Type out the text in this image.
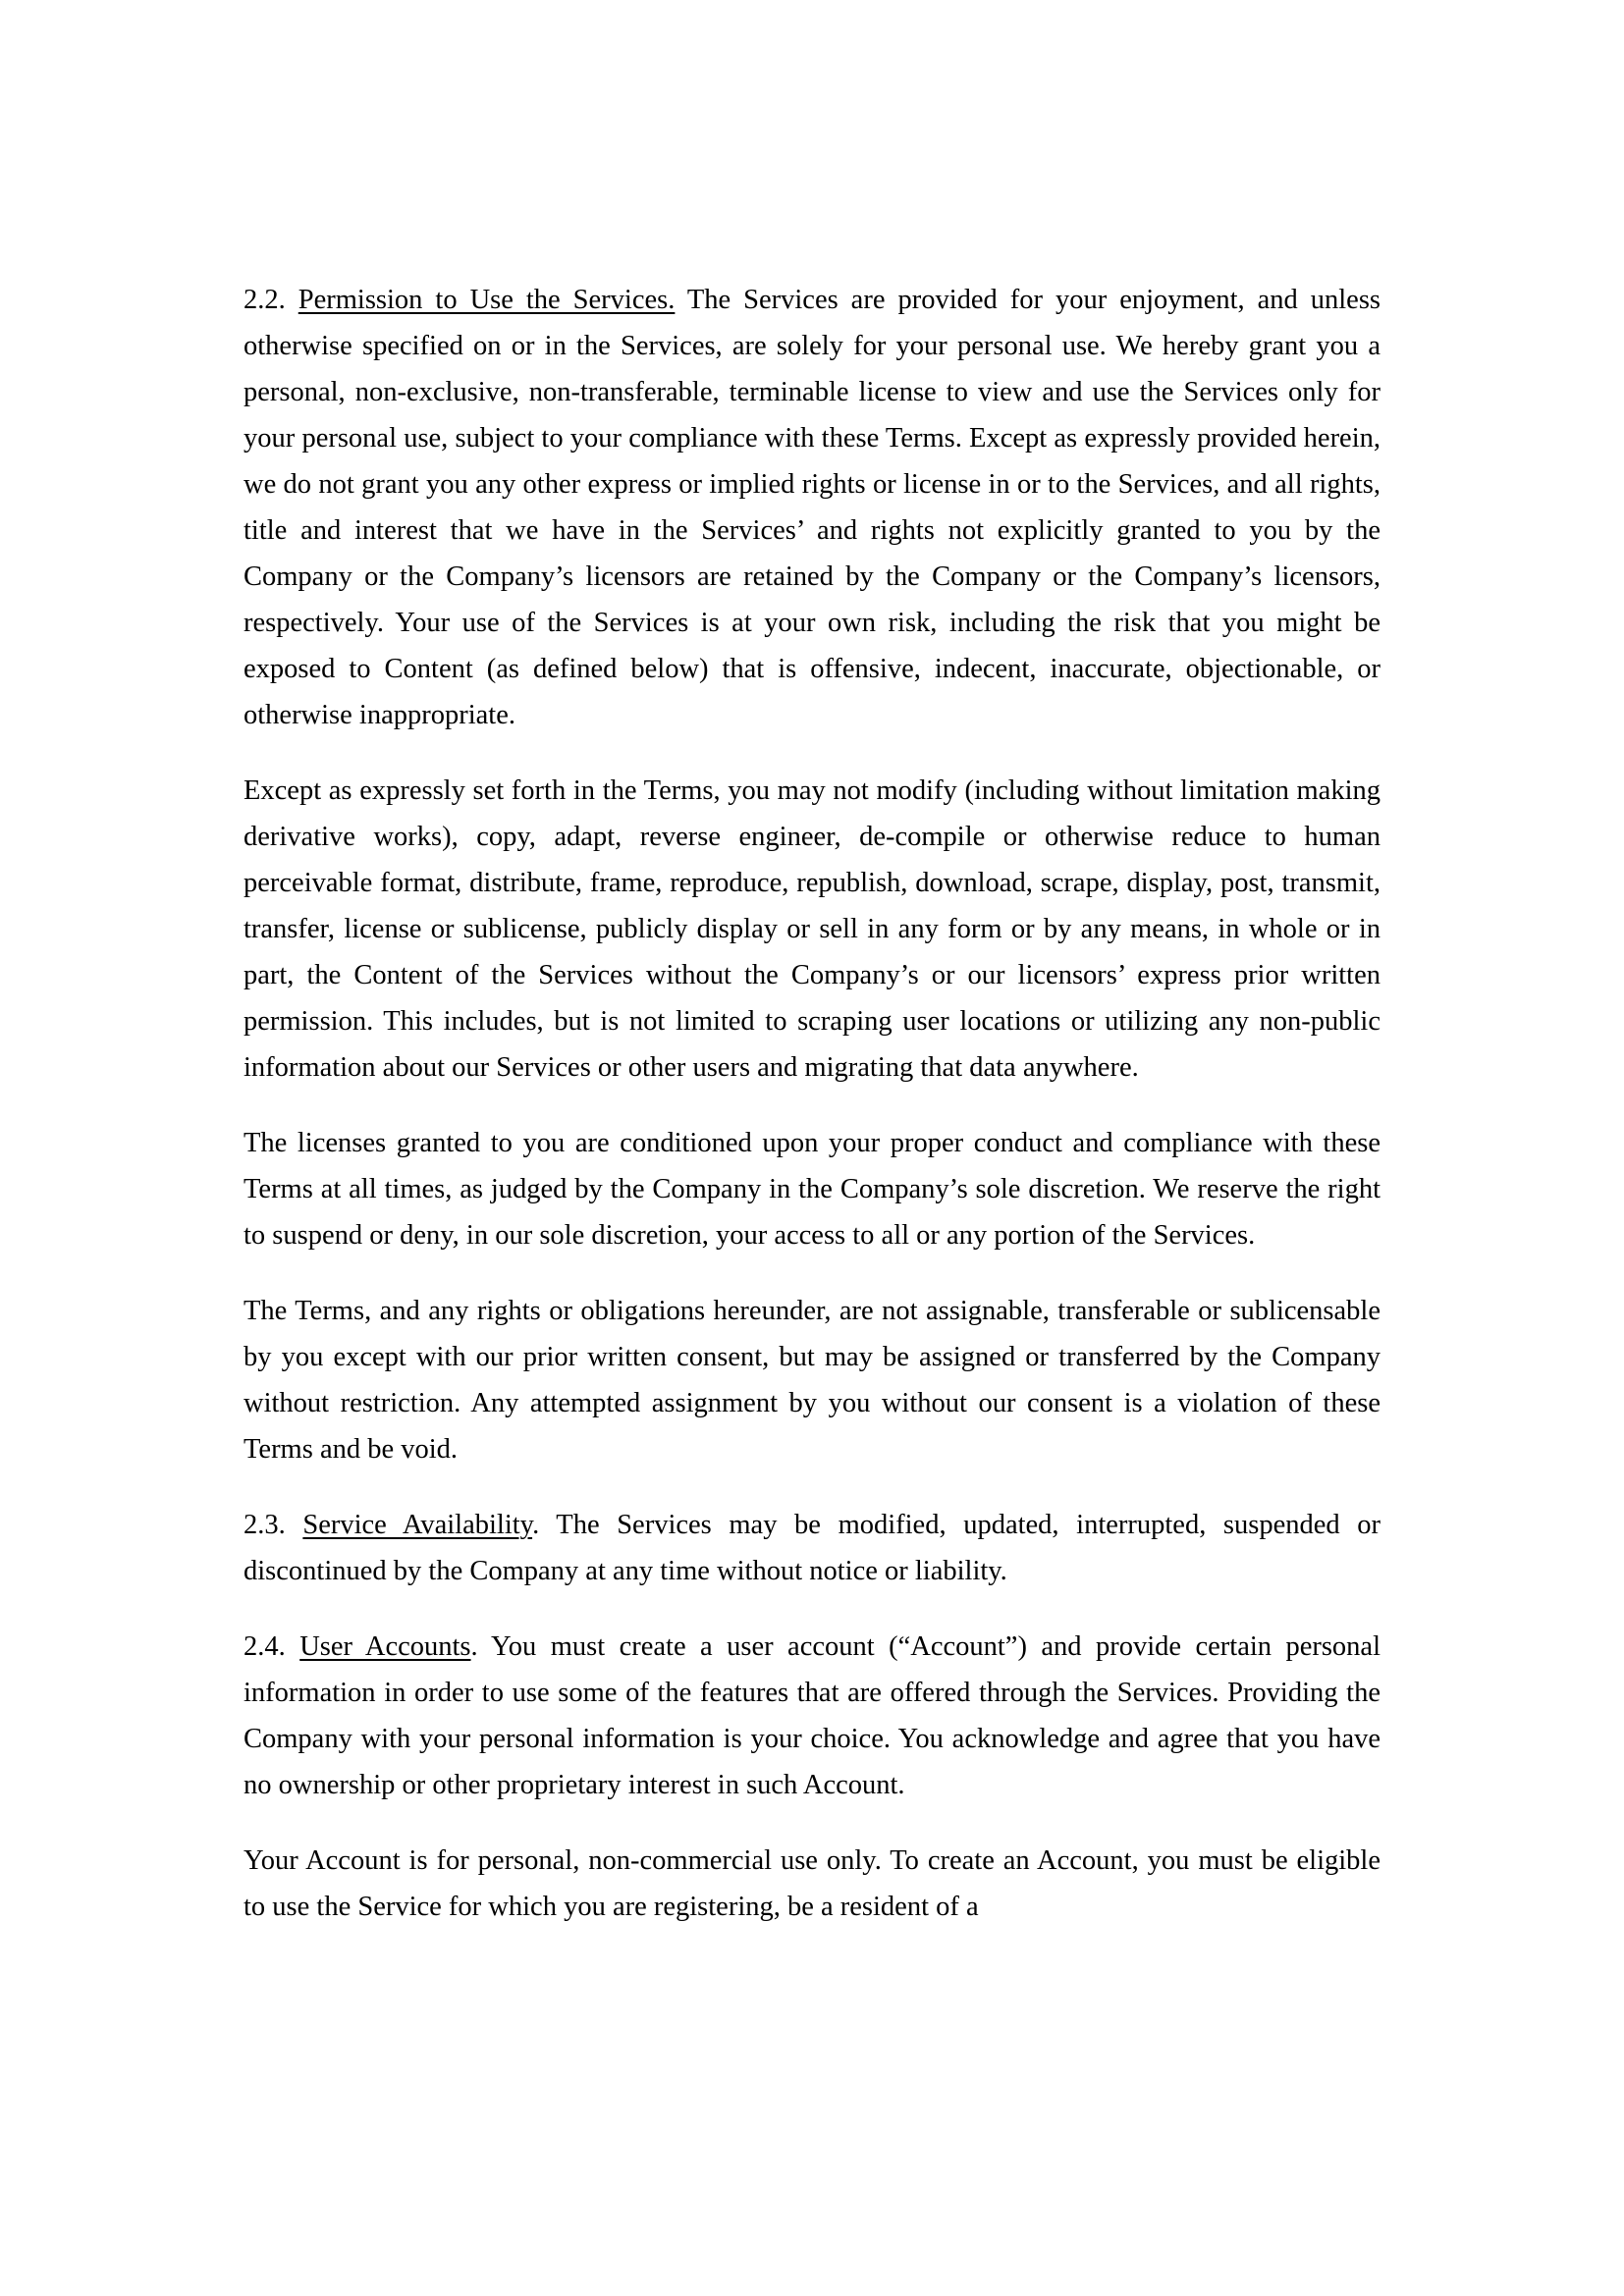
2.2. Permission to Use the Services. The Services are provided for your enjoyment, and unless otherwise specified on or in the Services, are solely for your personal use. We hereby grant you a personal, non-exclusive, non-transferable, terminable license to view and use the Services only for your personal use, subject to your compliance with these Terms. Except as expressly provided herein, we do not grant you any other express or implied rights or license in or to the Services, and all rights, title and interest that we have in the Services’ and rights not explicitly granted to you by the Company or the Company’s licensors are retained by the Company or the Company’s licensors, respectively. Your use of the Services is at your own risk, including the risk that you might be exposed to Content (as defined below) that is offensive, indecent, inaccurate, objectionable, or otherwise inappropriate.

Except as expressly set forth in the Terms, you may not modify (including without limitation making derivative works), copy, adapt, reverse engineer, de-compile or otherwise reduce to human perceivable format, distribute, frame, reproduce, republish, download, scrape, display, post, transmit, transfer, license or sublicense, publicly display or sell in any form or by any means, in whole or in part, the Content of the Services without the Company’s or our licensors’ express prior written permission. This includes, but is not limited to scraping user locations or utilizing any non-public information about our Services or other users and migrating that data anywhere.

The licenses granted to you are conditioned upon your proper conduct and compliance with these Terms at all times, as judged by the Company in the Company’s sole discretion. We reserve the right to suspend or deny, in our sole discretion, your access to all or any portion of the Services.

The Terms, and any rights or obligations hereunder, are not assignable, transferable or sublicensable by you except with our prior written consent, but may be assigned or transferred by the Company without restriction. Any attempted assignment by you without our consent is a violation of these Terms and be void.

2.3. Service Availability. The Services may be modified, updated, interrupted, suspended or discontinued by the Company at any time without notice or liability.

2.4. User Accounts. You must create a user account (“Account”) and provide certain personal information in order to use some of the features that are offered through the Services. Providing the Company with your personal information is your choice. You acknowledge and agree that you have no ownership or other proprietary interest in such Account.

Your Account is for personal, non-commercial use only. To create an Account, you must be eligible to use the Service for which you are registering, be a resident of a
